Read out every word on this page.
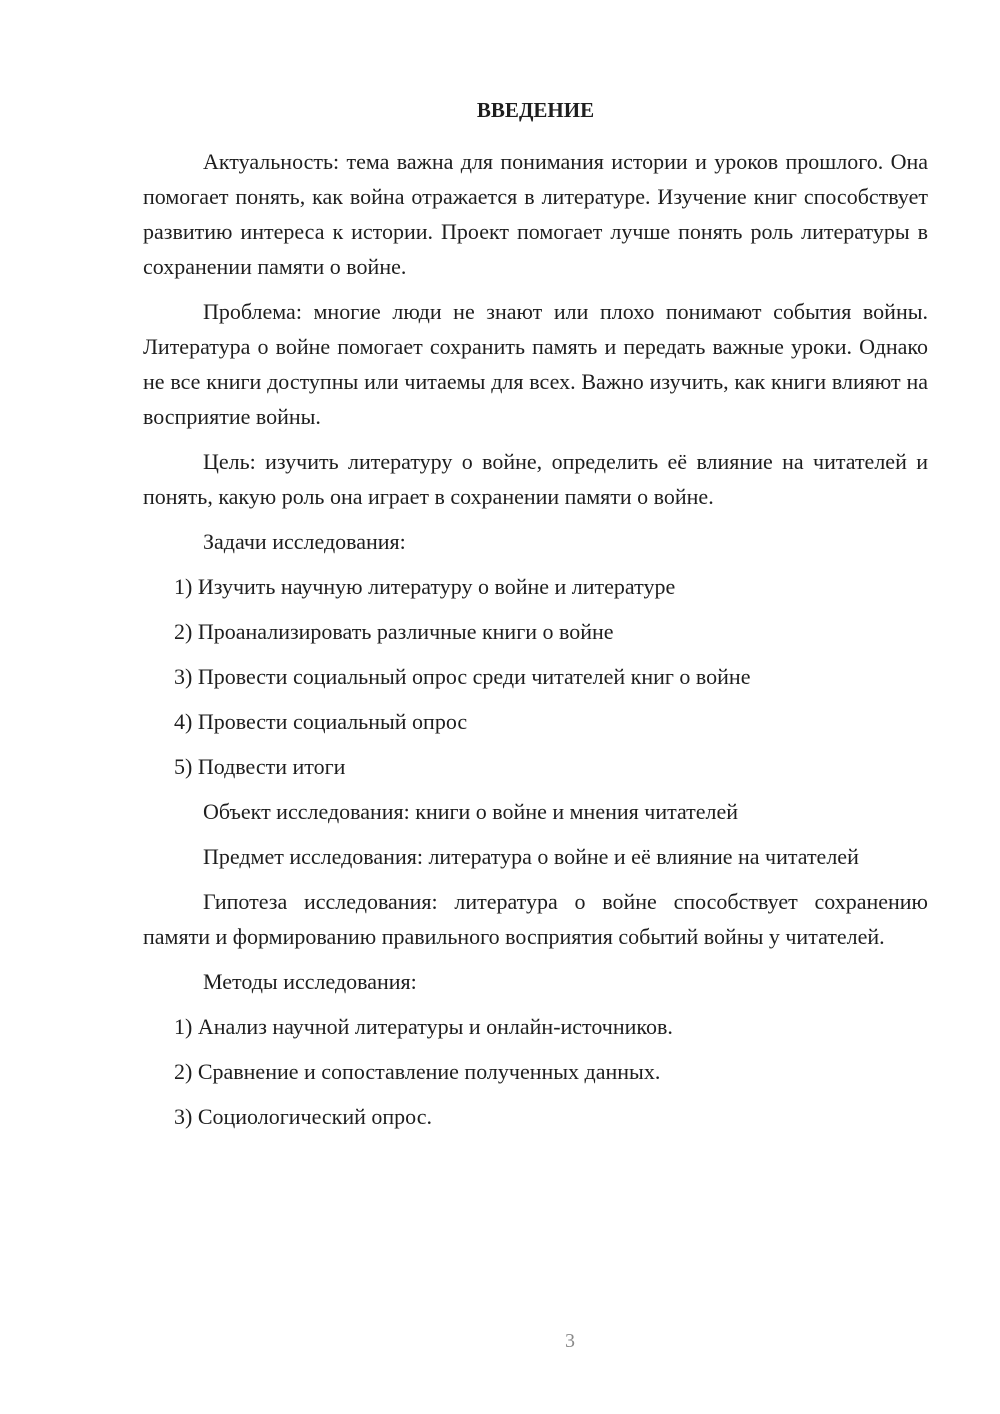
ВВЕДЕНИЕ

Актуальность: тема важна для понимания истории и уроков прошлого. Она помогает понять, как война отражается в литературе. Изучение книг способствует развитию интереса к истории. Проект помогает лучше понять роль литературы в сохранении памяти о войне.

Проблема: многие люди не знают или плохо понимают события войны. Литература о войне помогает сохранить память и передать важные уроки. Однако не все книги доступны или читаемы для всех. Важно изучить, как книги влияют на восприятие войны.

Цель: изучить литературу о войне, определить её влияние на читателей и понять, какую роль она играет в сохранении памяти о войне.

Задачи исследования:
1) Изучить научную литературу о войне и литературе
2) Проанализировать различные книги о войне
3) Провести социальный опрос среди читателей книг о войне
4) Провести социальный опрос
5) Подвести итоги
Объект исследования: книги о войне и мнения читателей

Предмет исследования: литература о войне и её влияние на читателей

Гипотеза исследования: литература о войне способствует сохранению памяти и формированию правильного восприятия событий войны у читателей.

Методы исследования:
1) Анализ научной литературы и онлайн-источников.
2) Сравнение и сопоставление полученных данных.
3) Социологический опрос.
3
